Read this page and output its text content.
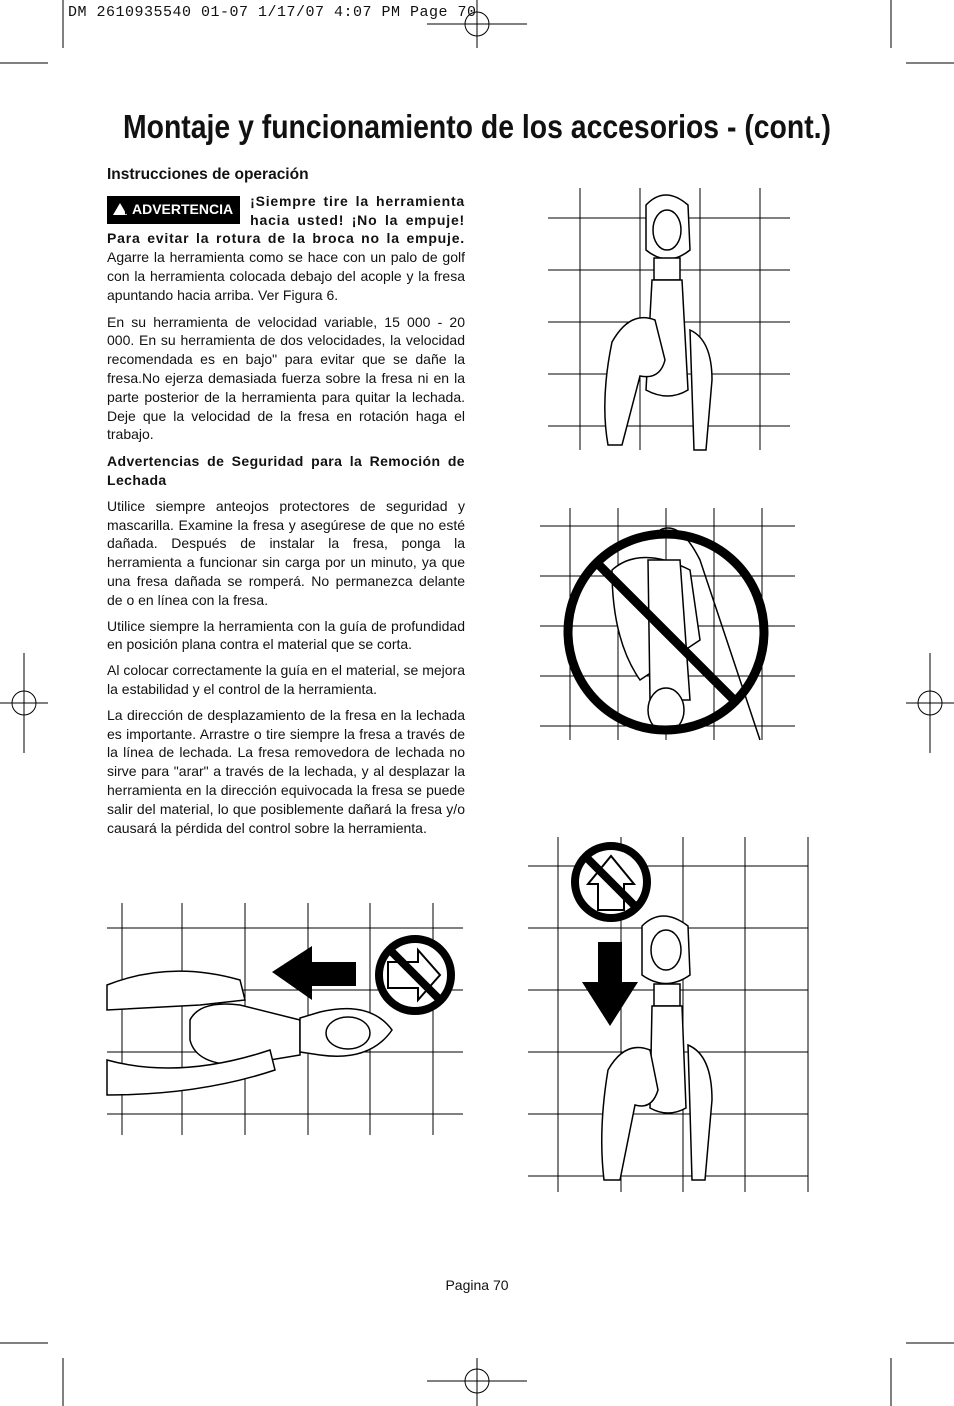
DM 2610935540 01-07 1/17/07 4:07 PM Page 70
Montaje y funcionamiento de los accesorios - (cont.)

Instrucciones de operación

! ADVERTENCIA	¡Siempre tire la herramienta hacia usted! ¡No la empuje! Para evitar la rotura de la broca no la empuje. Agarre la herramienta como se hace con un palo de golf con la herramienta colocada debajo del acople y la fresa apuntando hacia arriba. Ver Figura 6.

En su herramienta de velocidad variable, 15 000 - 20 000. En su herramienta de dos velocidades, la velocidad recomendada es en bajo" para evitar que se dañe la fresa.No ejerza demasiada fuerza sobre la fresa ni en la parte posterior de la herramienta para quitar la lechada. Deje que la velocidad de la fresa en rotación haga el trabajo.

Advertencias de Seguridad para la Remoción de Lechada

Utilice siempre anteojos protectores de seguridad y mascarilla. Examine la fresa y asegúrese de que no esté dañada. Después de instalar la fresa, ponga la herramienta a funcionar sin carga por un minuto, ya que una fresa dañada se romperá. No permanezca delante de o en línea con la fresa.

Utilice siempre la herramienta con la guía de profundidad en posición plana contra el material que se corta.

Al colocar correctamente la guía en el material, se mejora la estabilidad y el control de la herramienta.

La dirección de desplazamiento de la fresa en la lechada es importante. Arrastre o tire siempre la fresa a través de la línea de lechada. La fresa removedora de lechada no sirve para "arar" a través de la lechada, y al desplazar la herramienta en la dirección equivocada la fresa se puede salir del material, lo que posiblemente dañará la fresa y/o causará la pérdida del control sobre la herramienta.

Pagina 70
